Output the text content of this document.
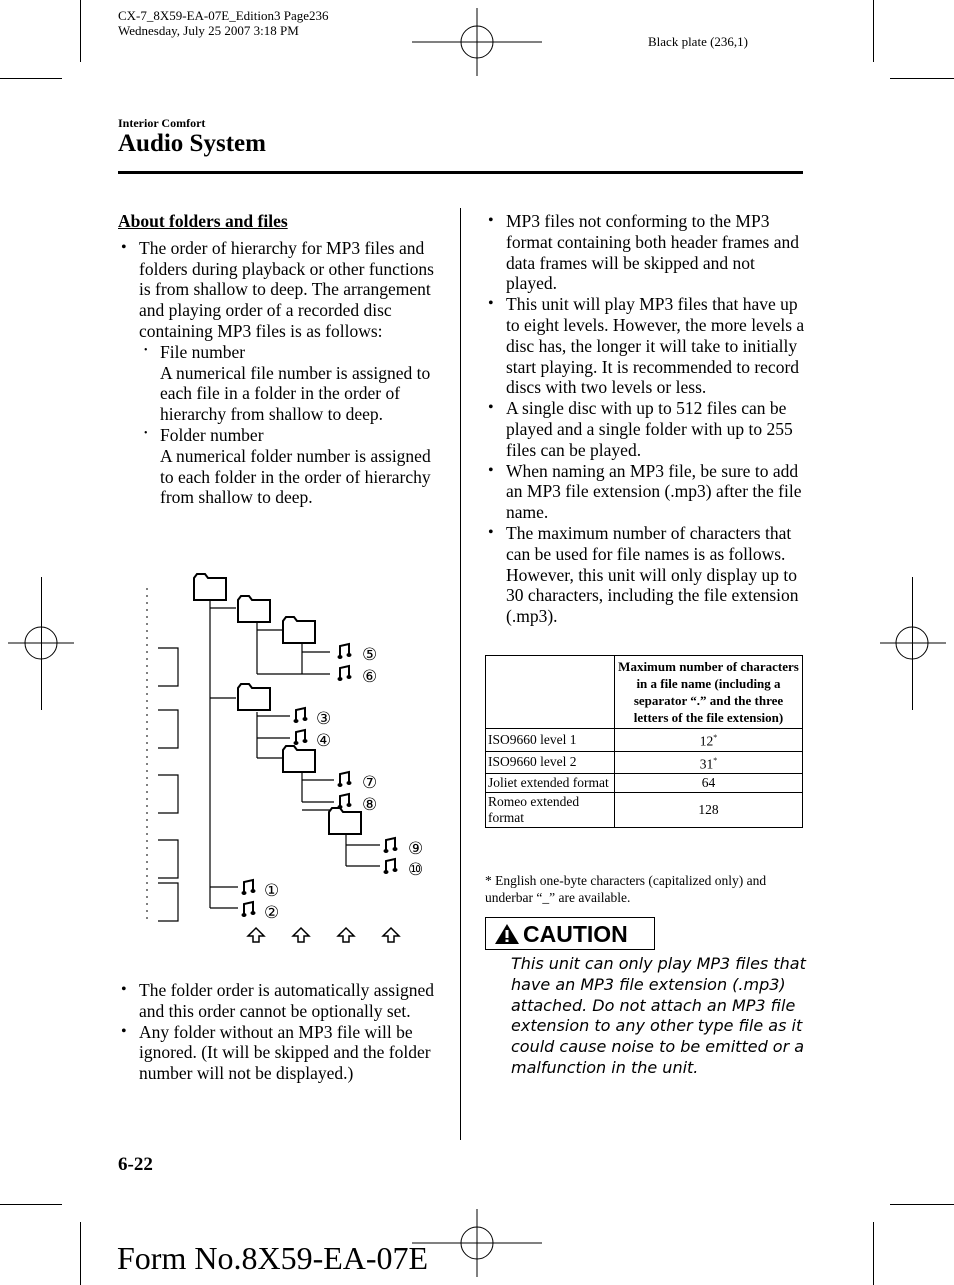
CX-7_8X59-EA-07E_Edition3 Page236
Wednesday, July 25 2007 3:18 PM
Black plate (236,1)
Interior Comfort
Audio System

About folders and files

• The order of hierarchy for MP3 files and folders during playback or other functions is from shallow to deep. The arrangement and playing order of a recorded disc containing MP3 files is as follows:
• File number
A numerical file number is assigned to each file in a folder in the order of hierarchy from shallow to deep.
• Folder number
A numerical folder number is assigned to each folder in the order of hierarchy from shallow to deep.
⑤
⑥
③
④
⑦
⑧
⑨
⑩
①
②
• The folder order is automatically assigned and this order cannot be optionally set.
• Any folder without an MP3 file will be ignored. (It will be skipped and the folder number will not be displayed.)
• MP3 files not conforming to the MP3 format containing both header frames and data frames will be skipped and not played.
• This unit will play MP3 files that have up to eight levels. However, the more levels a disc has, the longer it will take to initially start playing. It is recommended to record discs with two levels or less.
• A single disc with up to 512 files can be played and a single folder with up to 255 files can be played.
• When naming an MP3 file, be sure to add an MP3 file extension (.mp3) after the file name.
• The maximum number of characters that can be used for file names is as follows. However, this unit will only display up to 30 characters, including the file extension (.mp3).
	Maximum number of characters in a file name (including a separator “.” and the three letters of the file extension)
ISO9660 level 1	12*
ISO9660 level 2	31*
Joliet extended format	64
Romeo extended format	128
* English one-byte characters (capitalized only) and underbar “_” are available.
CAUTION
This unit can only play MP3 files that have an MP3 file extension (.mp3) attached. Do not attach an MP3 file extension to any other type file as it could cause noise to be emitted or a malfunction in the unit.
6-22
Form No.8X59-EA-07E
